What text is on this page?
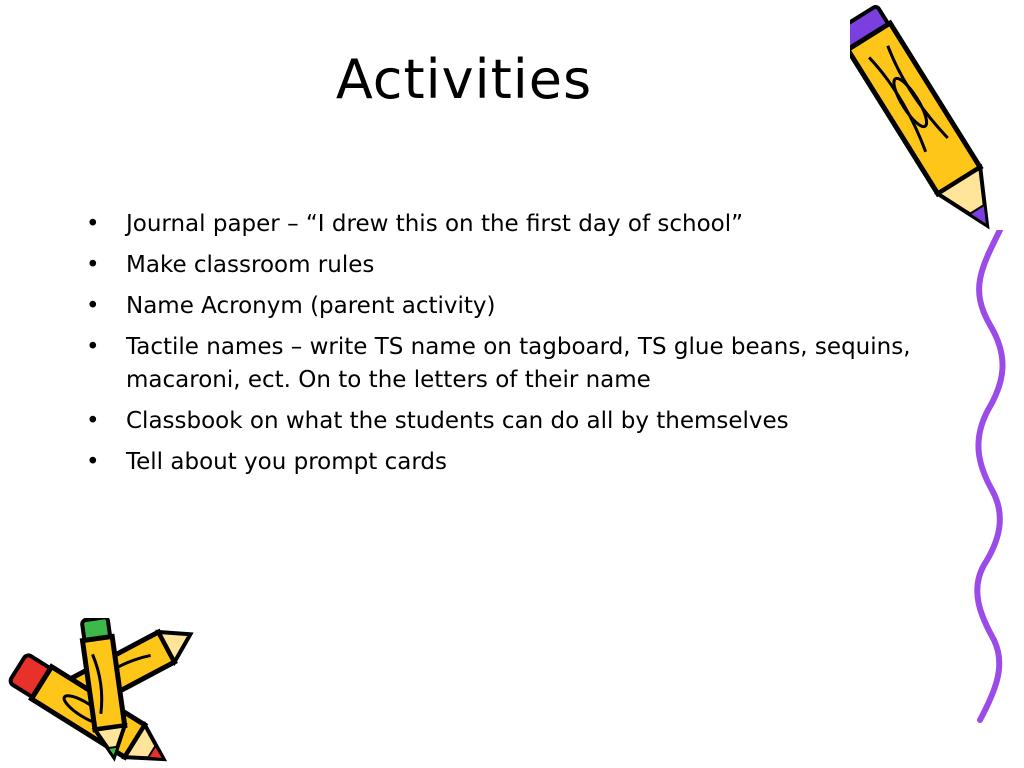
Activities
• Journal paper – “I drew this on the first day of school”
• Make classroom rules
• Name Acronym (parent activity)
• Tactile names – write TS name on tagboard, TS glue beans, sequins, macaroni, ect. On to the letters of their name
• Classbook on what the students can do all by themselves
• Tell about you prompt cards
